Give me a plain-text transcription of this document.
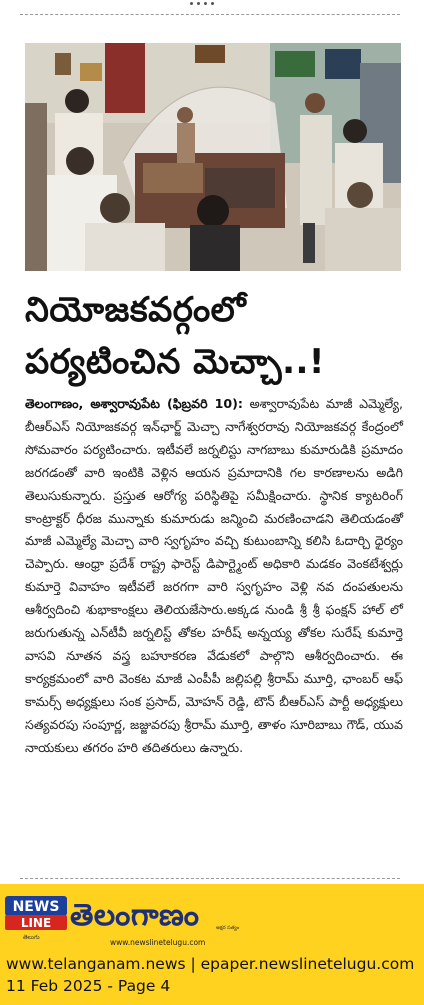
నియోజకవర్గంలో
పర్యటించిన మెచ్చా..!
తెలంగాణం, అశ్వారావుపేట (ఫిబ్రవరి 10): అశ్వారావుపేట మాజీ ఎమ్మెల్యే, బీఆర్ఎస్ నియోజకవర్గ ఇన్‌ఛార్జ్ మెచ్చా నాగేశ్వరరావు నియోజకవర్గ కేంద్రంలో సోమవారం పర్యటించారు. ఇటీవలే జర్నలిస్టు నాగబాబు కుమారుడికి ప్రమాదం జరగడంతో వారి ఇంటికి వెళ్లిన ఆయన ప్రమాదానికి గల కారణాలను అడిగి తెలుసుకున్నారు. ప్రస్తుత ఆరోగ్య పరిస్థితిపై సమీక్షించారు. స్థానిక క్యాటరింగ్ కాంట్రాక్టర్ ధీరజ మున్నాకు కుమారుడు జన్మించి మరణించాడని తెలియడంతో మాజీ ఎమ్మెల్యే మెచ్చా వారి స్వగృహం వచ్చి కుటుంబాన్ని కలిసి ఓదార్చి ధైర్యం చెప్పారు. ఆంధ్రా ప్రదేశ్ రాష్ట్ర ఫారెస్ట్ డిపార్ట్మెంట్ అధికారి మడకం వెంకటేశ్వర్లు కుమార్తె వివాహం ఇటీవలే జరగగా వారి స్వగృహం వెళ్లి నవ దంపతులను ఆశీర్వదించి శుభాకాంక్షలు తెలియజేసారు.అక్కడ నుండి శ్రీ శ్రీ ఫంక్షన్ హాల్ లో జరుగుతున్న ఎన్‌టీవీ జర్నలిస్ట్ తోకల హరీష్ అన్నయ్య తోకల సురేష్ కుమార్తె వాసవి నూతన వస్త్ర బహూకరణ వేడుకలో పాల్గొని ఆశీర్వదించారు. ఈ కార్యక్రమంలో వారి వెంకట మాజీ ఎంపీపీ జల్లిపల్లి శ్రీరామ్ మూర్తి, ఛాంబర్ ఆఫ్ కామర్స్ అధ్యక్షులు సంక ప్రసాద్, మోహన్ రెడ్డి, టౌన్ బీఆర్ఎస్ పార్టీ అధ్యక్షులు సత్యవరపు సంపూర్ణ, జజ్జువరపు శ్రీరామ్ మూర్తి, తాళం సూరిబాబు గౌడ్, యువ నాయకులు తగరం హరి తదితరులు ఉన్నారు.
NEWS
LINE
తెలుగు
తెలంగాణం	అక్షర సత్యం
www.newslinetelugu.com
www.telanganam.news | epaper.newslinetelugu.com
11 Feb 2025 - Page 4
